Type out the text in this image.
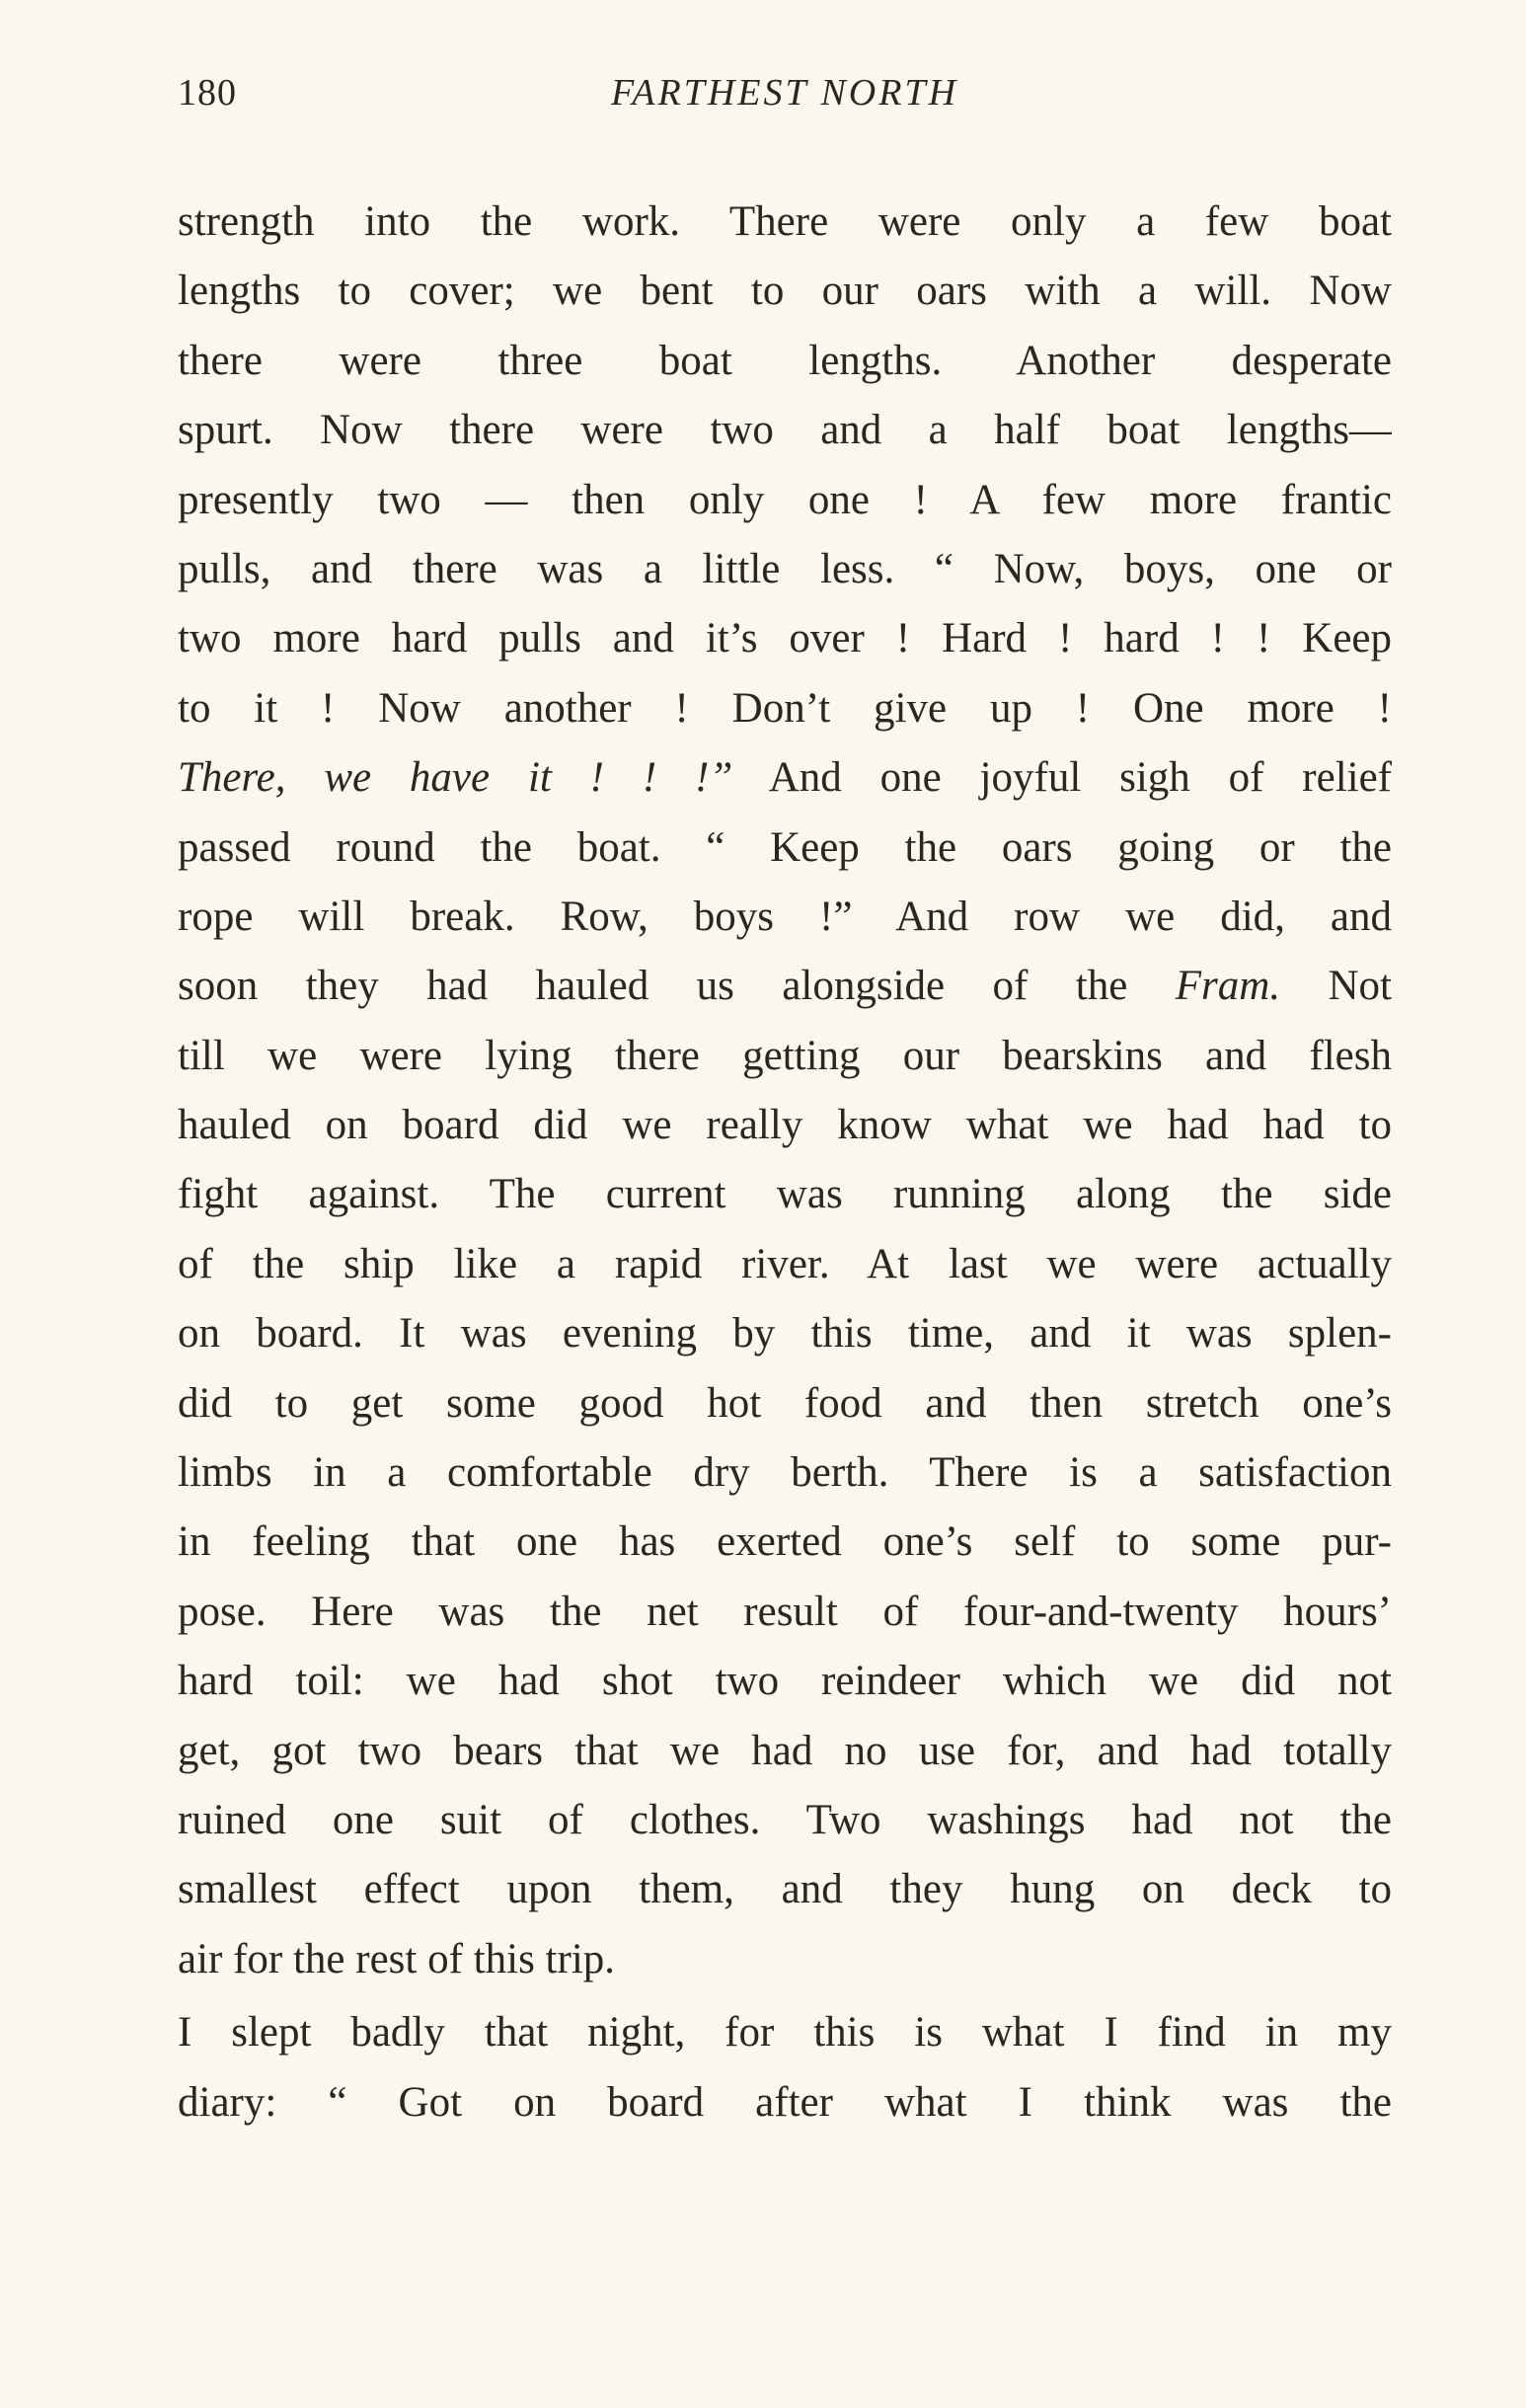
180	FARTHEST NORTH
strength into the work. There were only a few boat
lengths to cover; we bent to our oars with a will. Now
there were three boat lengths. Another desperate
spurt. Now there were two and a half boat lengths—
presently two — then only one ! A few more frantic
pulls, and there was a little less. “ Now, boys, one or
two more hard pulls and it’s over ! Hard ! hard ! ! Keep
to it ! Now another ! Don’t give up ! One more !
There, we have it ! ! !” And one joyful sigh of relief
passed round the boat. “ Keep the oars going or the
rope will break. Row, boys !” And row we did, and
soon they had hauled us alongside of the Fram. Not
till we were lying there getting our bearskins and flesh
hauled on board did we really know what we had had to
fight against. The current was running along the side
of the ship like a rapid river. At last we were actually
on board. It was evening by this time, and it was splen-
did to get some good hot food and then stretch one’s
limbs in a comfortable dry berth. There is a satisfaction
in feeling that one has exerted one’s self to some pur-
pose. Here was the net result of four-and-twenty hours’
hard toil: we had shot two reindeer which we did not
get, got two bears that we had no use for, and had totally
ruined one suit of clothes. Two washings had not the
smallest effect upon them, and they hung on deck to
air for the rest of this trip.
I slept badly that night, for this is what I find in my
diary: “ Got on board after what I think was the
